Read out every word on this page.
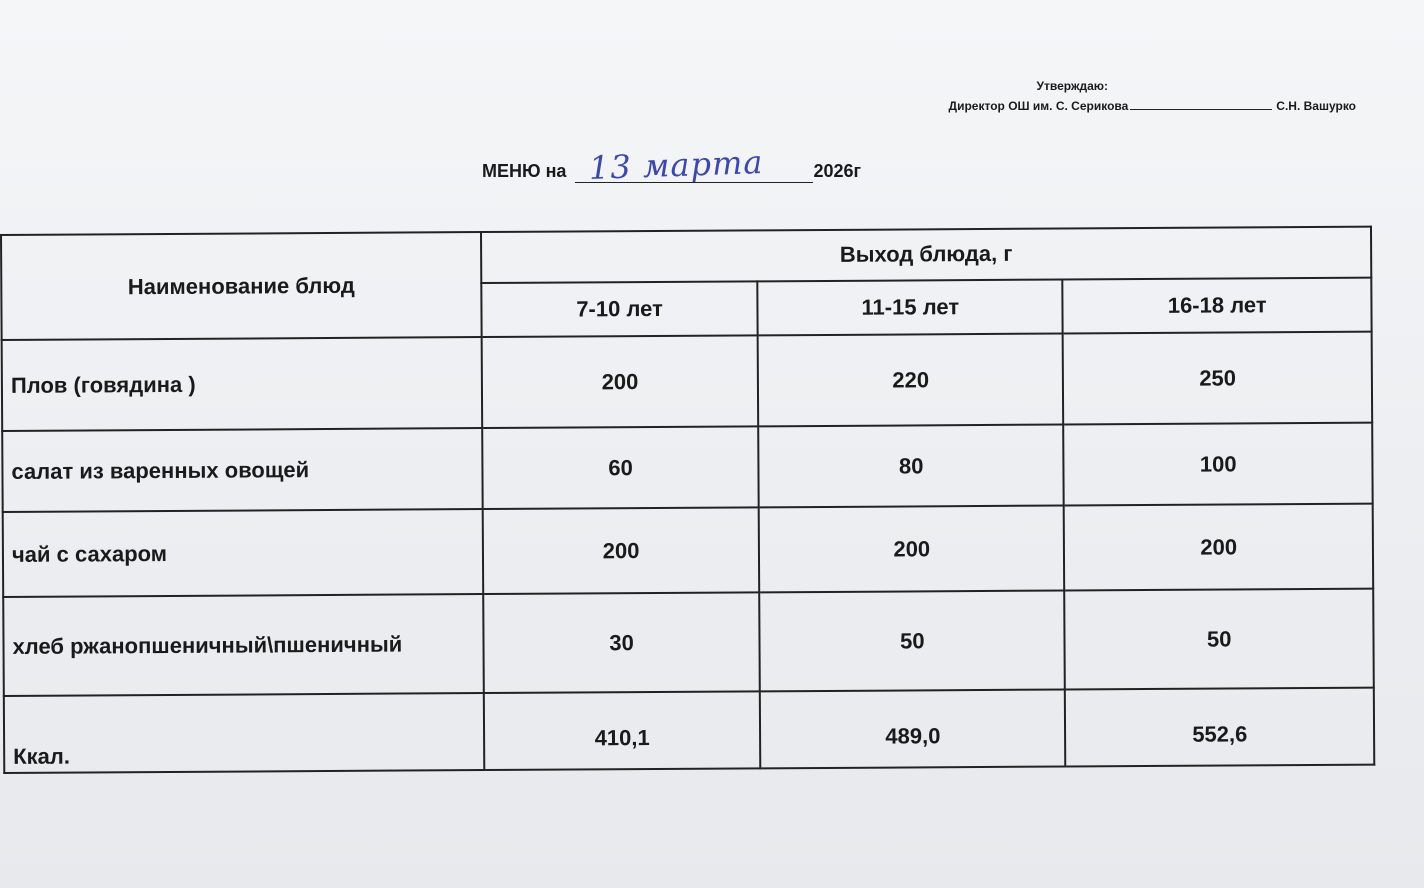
Утверждаю:
Директор ОШ им. С. Серикова	С.Н. Вашурко
МЕНЮ на 13 марта	2026г
Наименование блюд	Выход блюда, г		
	7-10 лет	11-15 лет	16-18 лет
Плов (говядина )	200	220	250
салат из варенных овощей	60	80	100
чай с сахаром	200	200	200
хлеб ржанопшеничный\пшеничный	30	50	50
Ккал.	410,1	489,0	552,6
